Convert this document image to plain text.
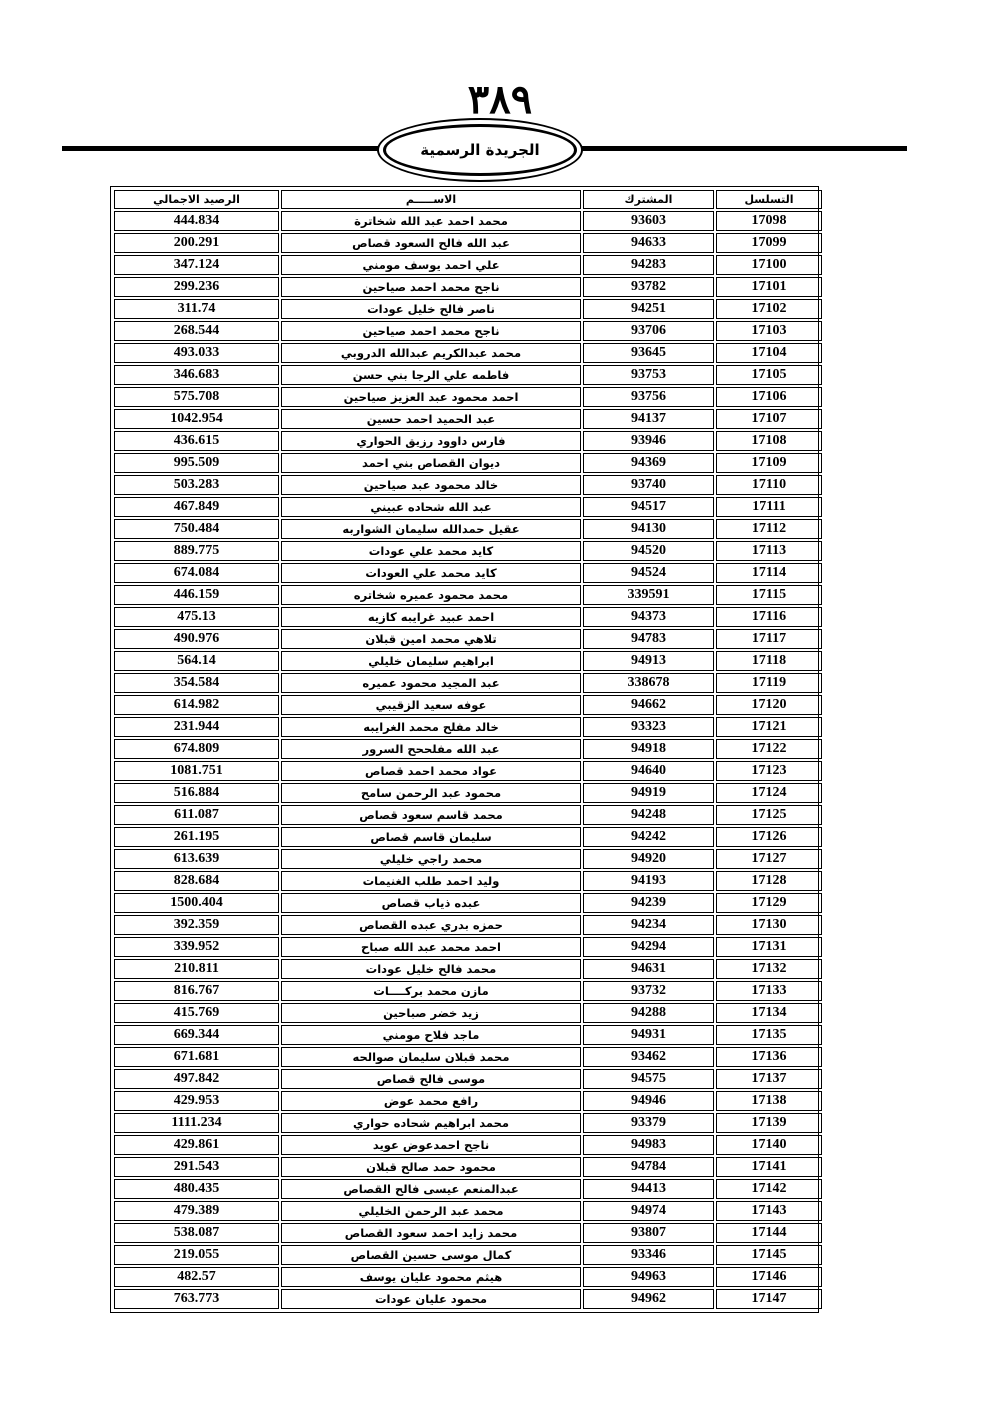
٣٨٩
الجريدة الرسمية
الرصيد الاجمالي	الاســـــم	المشترك	التسلسل
444.834	محمد احمد عبد الله شخاترة	93603	17098
200.291	عبد الله فالح السعود قصاص	94633	17099
347.124	علي احمد يوسف مومني	94283	17100
299.236	ناجح محمد احمد صياحين	93782	17101
311.74	ناصر فالح خليل عودات	94251	17102
268.544	ناجح محمد احمد صياحين	93706	17103
493.033	محمد عبدالكريم عبدالله الدروبي	93645	17104
346.683	فاطمه علي الرجا بني حسن	93753	17105
575.708	احمد محمود عبد العزيز صياحين	93756	17106
1042.954	عبد الحميد احمد حسين	94137	17107
436.615	فارس داوود رزيق الحواري	93946	17108
995.509	ديوان القصاص بني احمد	94369	17109
503.283	خالد محمود عبد صياحين	93740	17110
467.849	عبد الله شحاده عبيني	94517	17111
750.484	عقيل حمدالله سليمان الشواربه	94130	17112
889.775	كايد محمد علي عودات	94520	17113
674.084	كايد محمد علي العودات	94524	17114
446.159	محمد محمود عميره شخاتره	339591	17115
475.13	احمد عبيد غرايبه كازيه	94373	17116
490.976	تلاهي محمد امين قبلان	94783	17117
564.14	ابراهيم سليمان خليلي	94913	17118
354.584	عبد المجيد محمود عميره	338678	17119
614.982	عوفه سعيد الزقيبي	94662	17120
231.944	خالد مفلح محمد الغرايبه	93323	17121
674.809	عبد الله مفلححح السرور	94918	17122
1081.751	عواد محمد احمد قصاص	94640	17123
516.884	محمود عبد الرحمن سامح	94919	17124
611.087	محمد قاسم سعود قصاص	94248	17125
261.195	سليمان قاسم قصاص	94242	17126
613.639	محمد راجي خليلي	94920	17127
828.684	وليد احمد طلب الغنيمات	94193	17128
1500.404	عبده ذياب قصاص	94239	17129
392.359	حمزه بدري عبده القصاص	94234	17130
339.952	احمد محمد عبد الله صباح	94294	17131
210.811	محمد فالح خليل عودات	94631	17132
816.767	مازن محمد بركــــات	93732	17133
415.769	زيد خضر صباحين	94288	17134
669.344	ماجد فلاح مومني	94931	17135
671.681	محمد قبلان سليمان صوالحه	93462	17136
497.842	موسى فالح قصاص	94575	17137
429.953	رافع محمد عوض	94946	17138
1111.234	محمد ابراهيم شحاده حواري	93379	17139
429.861	ناجح احمدعوض عويد	94983	17140
291.543	محمود حمد صالح قبلان	94784	17141
480.435	عبدالمنعم عيسى فالح القصاص	94413	17142
479.389	محمد عبد الرحمن الخليلي	94974	17143
538.087	محمد زايد احمد سعود القصاص	93807	17144
219.055	كمال موسى حسين القصاص	93346	17145
482.57	هيثم محمود عليان يوسف	94963	17146
763.773	محمود عليان عودات	94962	17147
